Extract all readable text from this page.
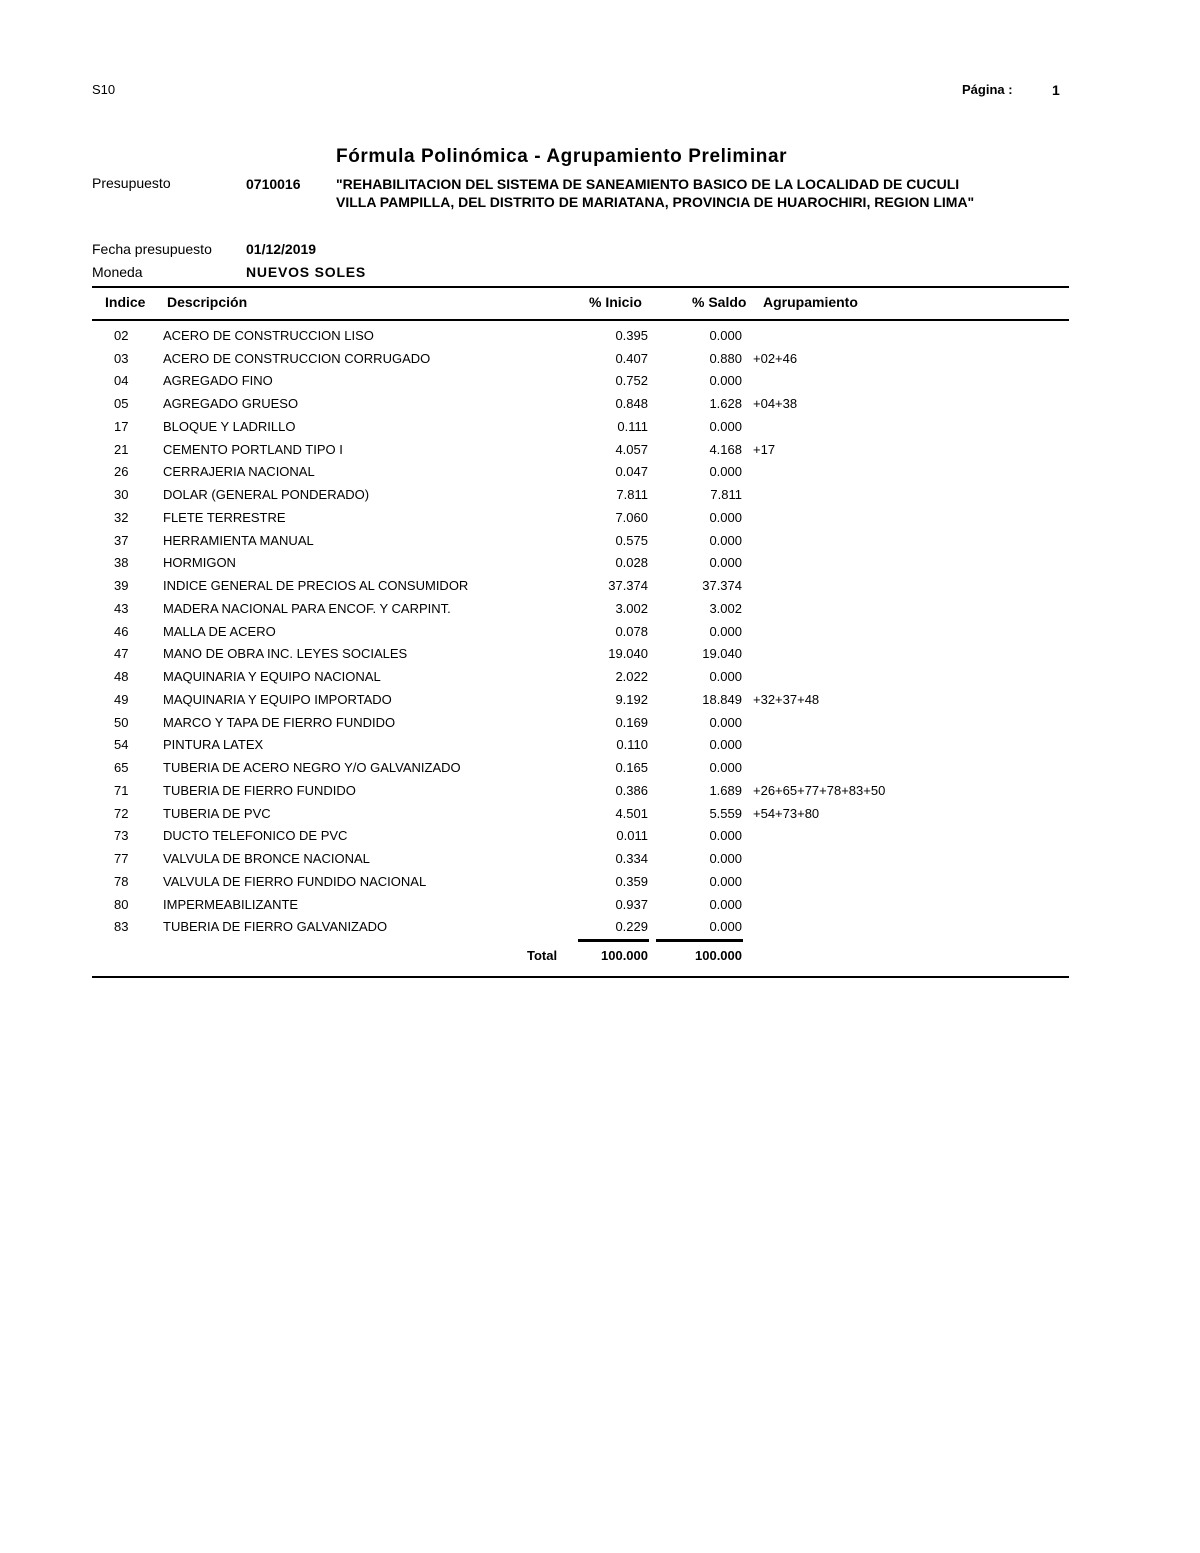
S10	Página :	1
Fórmula Polinómica - Agrupamiento Preliminar
Presupuesto	0710016	"REHABILITACION DEL SISTEMA DE SANEAMIENTO BASICO DE LA LOCALIDAD DE CUCULI
VILLA PAMPILLA, DEL DISTRITO DE MARIATANA, PROVINCIA DE HUAROCHIRI, REGION LIMA"
Fecha presupuesto 01/12/2019
Moneda	NUEVOS SOLES
Indice Descripción	% Inicio	% Saldo Agrupamiento
02	ACERO DE CONSTRUCCION LISO	0.395	0.000
03	ACERO DE CONSTRUCCION CORRUGADO	0.407	0.880 +02+46
04	AGREGADO FINO	0.752	0.000
05	AGREGADO GRUESO	0.848	1.628 +04+38
17	BLOQUE Y LADRILLO	0.111	0.000
21	CEMENTO PORTLAND TIPO I	4.057	4.168 +17
26	CERRAJERIA NACIONAL	0.047	0.000
30	DOLAR (GENERAL PONDERADO)	7.811	7.811
32	FLETE TERRESTRE	7.060	0.000
37	HERRAMIENTA MANUAL	0.575	0.000
38	HORMIGON	0.028	0.000
39	INDICE GENERAL DE PRECIOS AL CONSUMIDOR	37.374	37.374
43	MADERA NACIONAL PARA ENCOF. Y CARPINT.	3.002	3.002
46	MALLA DE ACERO	0.078	0.000
47	MANO DE OBRA INC. LEYES SOCIALES	19.040	19.040
48	MAQUINARIA Y EQUIPO NACIONAL	2.022	0.000
49	MAQUINARIA Y EQUIPO IMPORTADO	9.192	18.849 +32+37+48
50	MARCO Y TAPA DE FIERRO FUNDIDO	0.169	0.000
54	PINTURA LATEX	0.110	0.000
65	TUBERIA DE ACERO NEGRO Y/O GALVANIZADO	0.165	0.000
71	TUBERIA DE FIERRO FUNDIDO	0.386	1.689 +26+65+77+78+83+50
72	TUBERIA DE PVC	4.501	5.559 +54+73+80
73	DUCTO TELEFONICO DE PVC	0.011	0.000
77	VALVULA DE BRONCE NACIONAL	0.334	0.000
78	VALVULA DE FIERRO FUNDIDO NACIONAL	0.359	0.000
80	IMPERMEABILIZANTE	0.937	0.000
83	TUBERIA DE FIERRO GALVANIZADO	0.229	0.000
Total	100.000	100.000
